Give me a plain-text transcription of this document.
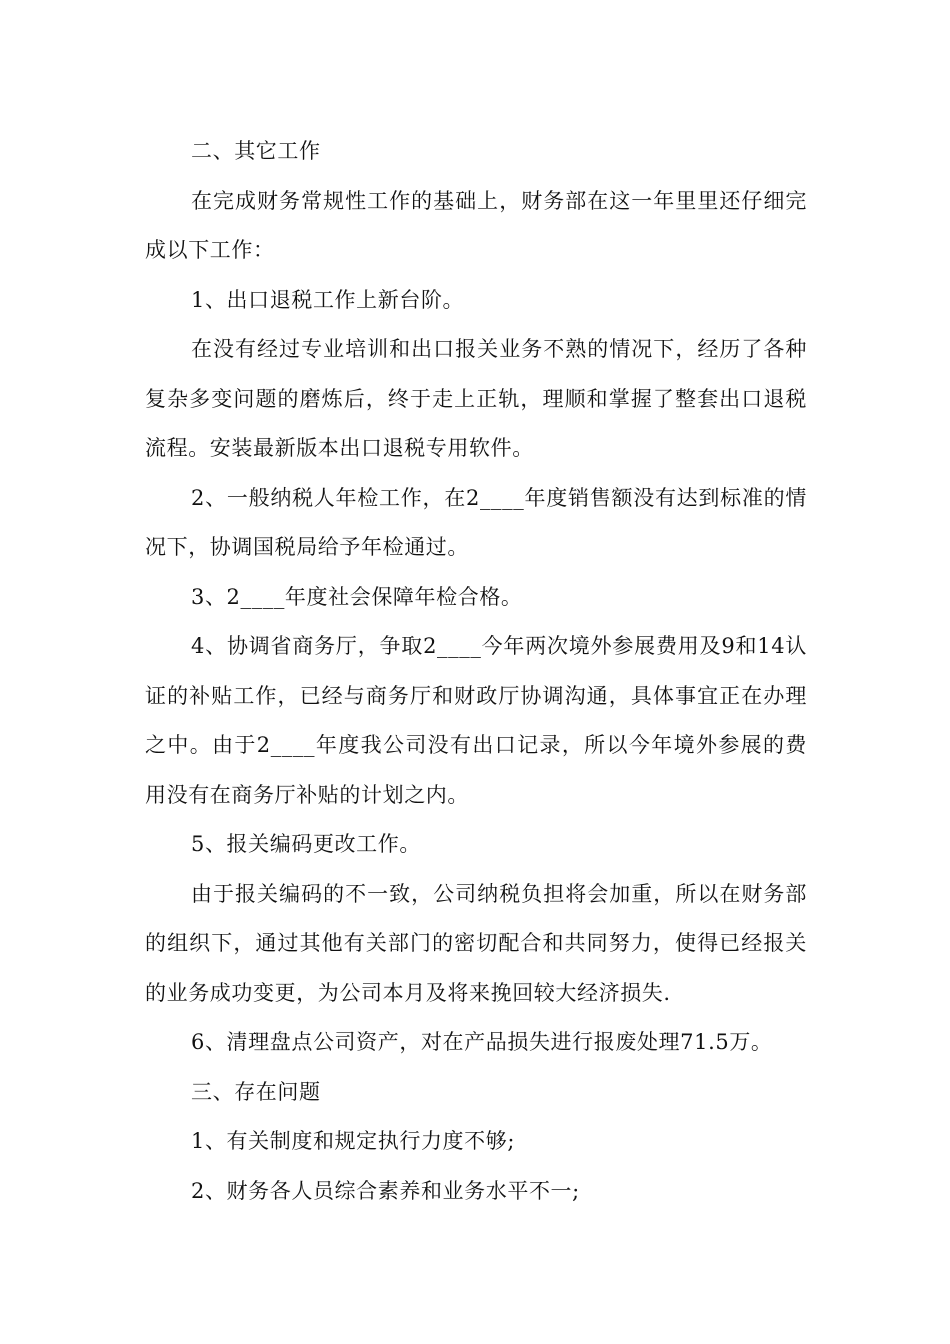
二、其它工作

在完成财务常规性工作的基础上，财务部在这一年里里还仔细完成以下工作：

1、出口退税工作上新台阶。

在没有经过专业培训和出口报关业务不熟的情况下，经历了各种复杂多变问题的磨炼后，终于走上正轨，理顺和掌握了整套出口退税流程。安装最新版本出口退税专用软件。

2、一般纳税人年检工作，在2____年度销售额没有达到标准的情况下，协调国税局给予年检通过。

3、2____年度社会保障年检合格。

4、协调省商务厅，争取2____今年两次境外参展费用及9和14认证的补贴工作，已经与商务厅和财政厅协调沟通，具体事宜正在办理之中。由于2____年度我公司没有出口记录，所以今年境外参展的费用没有在商务厅补贴的计划之内。

5、报关编码更改工作。

由于报关编码的不一致，公司纳税负担将会加重，所以在财务部的组织下，通过其他有关部门的密切配合和共同努力，使得已经报关的业务成功变更，为公司本月及将来挽回较大经济损失.

6、清理盘点公司资产，对在产品损失进行报废处理71.5万。

三、存在问题

1、有关制度和规定执行力度不够;

2、财务各人员综合素养和业务水平不一;
